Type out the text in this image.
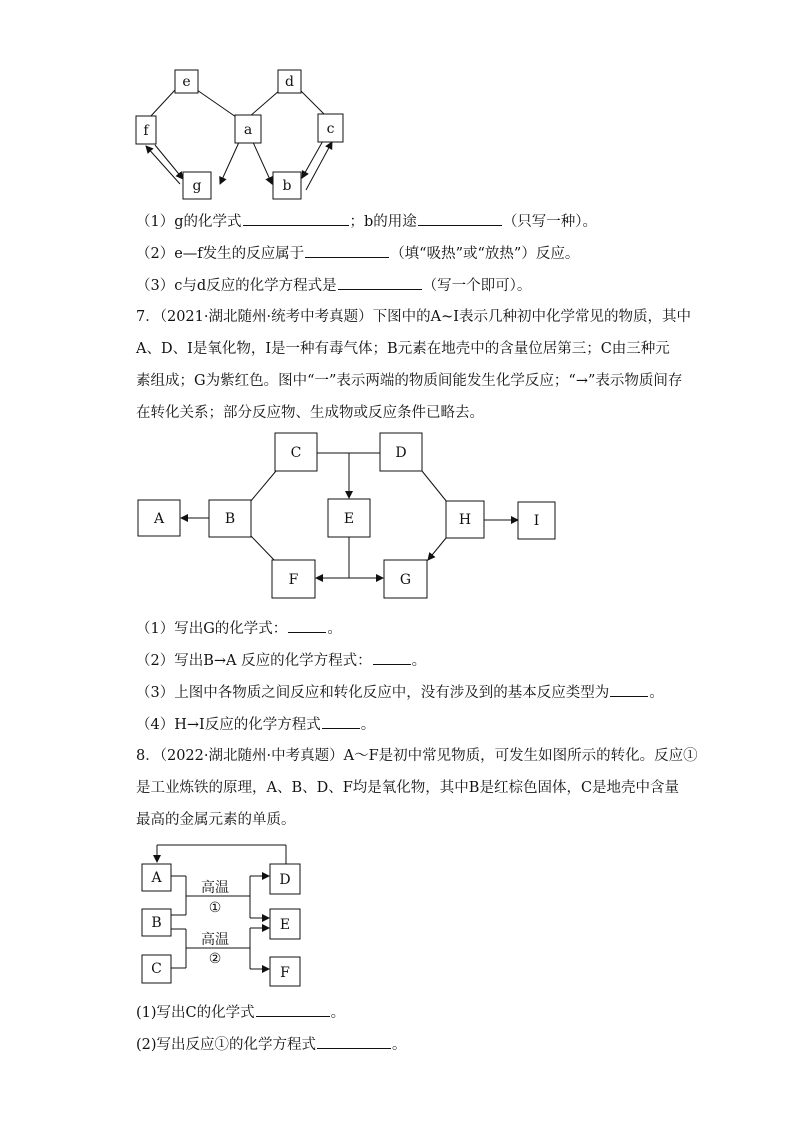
e	d
f	a	c
g	b
（1）g的化学式	；b的用途	（只写一种）。
（2）e—f发生的反应属于	（填“吸热”或“放热”）反应。
（3）c与d反应的化学方程式是	（写一个即可）。
7．（2021·湖北随州·统考中考真题）下图中的A~I表示几种初中化学常见的物质，其中
A、D、I是氧化物，I是一种有毒气体；B元素在地壳中的含量位居第三；C由三种元
素组成；G为紫红色。图中“一”表示两端的物质间能发生化学反应；“→”表示物质间存
在转化关系；部分反应物、生成物或反应条件已略去。
C	D
A	B	E	H	I
F	G
（1）写出G的化学式：	。
（2）写出B→A 反应的化学方程式：	。
（3）上图中各物质之间反应和转化反应中，没有涉及到的基本反应类型为	。
（4）H→I反应的化学方程式	。
8．（2022·湖北随州·中考真题）A～F是初中常见物质，可发生如图所示的转化。反应①
是工业炼铁的原理，A、B、D、F均是氧化物，其中B是红棕色固体，C是地壳中含量
最高的金属元素的单质。
A
B
C
D
E
F
高温
①
高温
②
(1)写出C的化学式	。
(2)写出反应①的化学方程式	。
